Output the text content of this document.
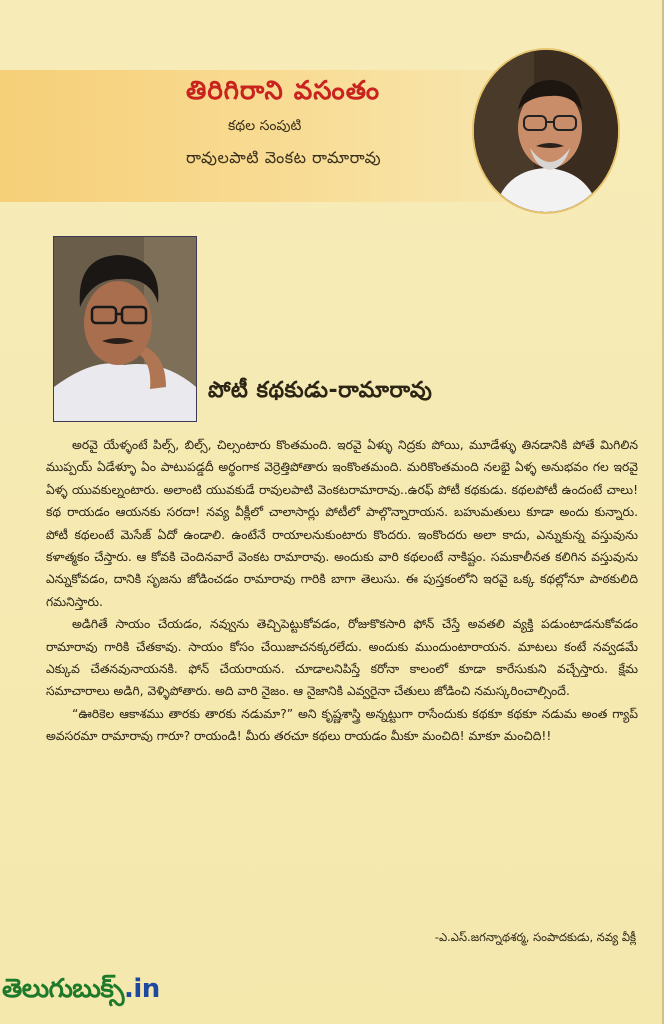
తిరిగిరాని వసంతం
కథల సంపుటి
రావులపాటి వెంకట రామారావు
పోటీ కథకుడు-రామారావు

అరవై యేళ్ళంటే పిల్స్, బిల్స్, చిల్సంటారు కొంతమంది. ఇరవై ఏళ్ళు నిద్రకు పోయి, మూడేళ్ళు తినడానికి పోతే మిగిలిన ముప్పయ్ ఏడేళ్ళూ ఏం పాటుపడ్డదీ అర్థంగాక వెర్రెత్తిపోతారు ఇంకొంతమంది. మరికొంతమంది నలభై ఏళ్ళ అనుభవం గల ఇరవై ఏళ్ళ యువకుల్నంటారు. అలాంటి యువకుడే రావులపాటి వెంకటరామారావు..ఉరఫ్ పోటీ కథకుడు. కథలపోటీ ఉందంటే చాలు! కథ రాయడం ఆయనకు సరదా! నవ్య వీక్లీలో చాలాసార్లు పోటీలో పాల్గొన్నారాయన. బహుమతులు కూడా అందు కున్నారు. పోటీ కథలంటే మెసేజ్ ఏదో ఉండాలి. ఉంటేనే రాయాలనుకుంటారు కొందరు. ఇంకొందరు అలా కాదు, ఎన్నుకున్న వస్తువును కళాత్మకం చేస్తారు. ఆ కోవకి చెందినవారే వెంకట రామారావు. అందుకు వారి కథలంటే నాకిష్టం. సమకాలీనత కలిగిన వస్తువును ఎన్నుకోవడం, దానికి సృజను జోడించడం రామారావు గారికి బాగా తెలుసు. ఈ పుస్తకంలోని ఇరవై ఒక్క కథల్లోనూ పాఠకులిది గమనిస్తారు.

అడిగితే సాయం చేయడం, నవ్వును తెచ్చిపెట్టుకోవడం, రోజుకొకసారి ఫోన్ చేస్తే అవతలి వ్యక్తి పడుంటాడనుకోవడం రామారావు గారికి చేతకావు. సాయం కోసం చేయిజాచనక్కరలేదు. అందుకు ముందుంటారాయన. మాటలు కంటే నవ్వడమే ఎక్కువ చేతనవునాయనకి. ఫోన్ చేయరాయన. చూడాలనిపిస్తే కరోనా కాలంలో కూడా కారేసుకుని వచ్చేస్తారు. క్షేమ సమాచారాలు అడిగి, వెళ్ళిపోతారు. అది వారి నైజం. ఆ నైజానికి ఎవ్వరైనా చేతులు జోడించి నమస్కరించాల్సిందే.

“ఊరికెల ఆకాశము తారకు తారకు నడుమా?” అని కృష్ణశాస్త్రి అన్నట్టుగా రాసేందుకు కథకూ కథకూ నడుమ అంత గ్యాప్ అవసరమా రామారావు గారూ? రాయండి! మీరు తరచూ కథలు రాయడం మీకూ మంచిది! మాకూ మంచిది!!

-ఎ.ఎస్.జగన్నాథశర్మ, సంపాదకుడు, నవ్య వీక్లీ
తెలుగుబుక్స్.in
